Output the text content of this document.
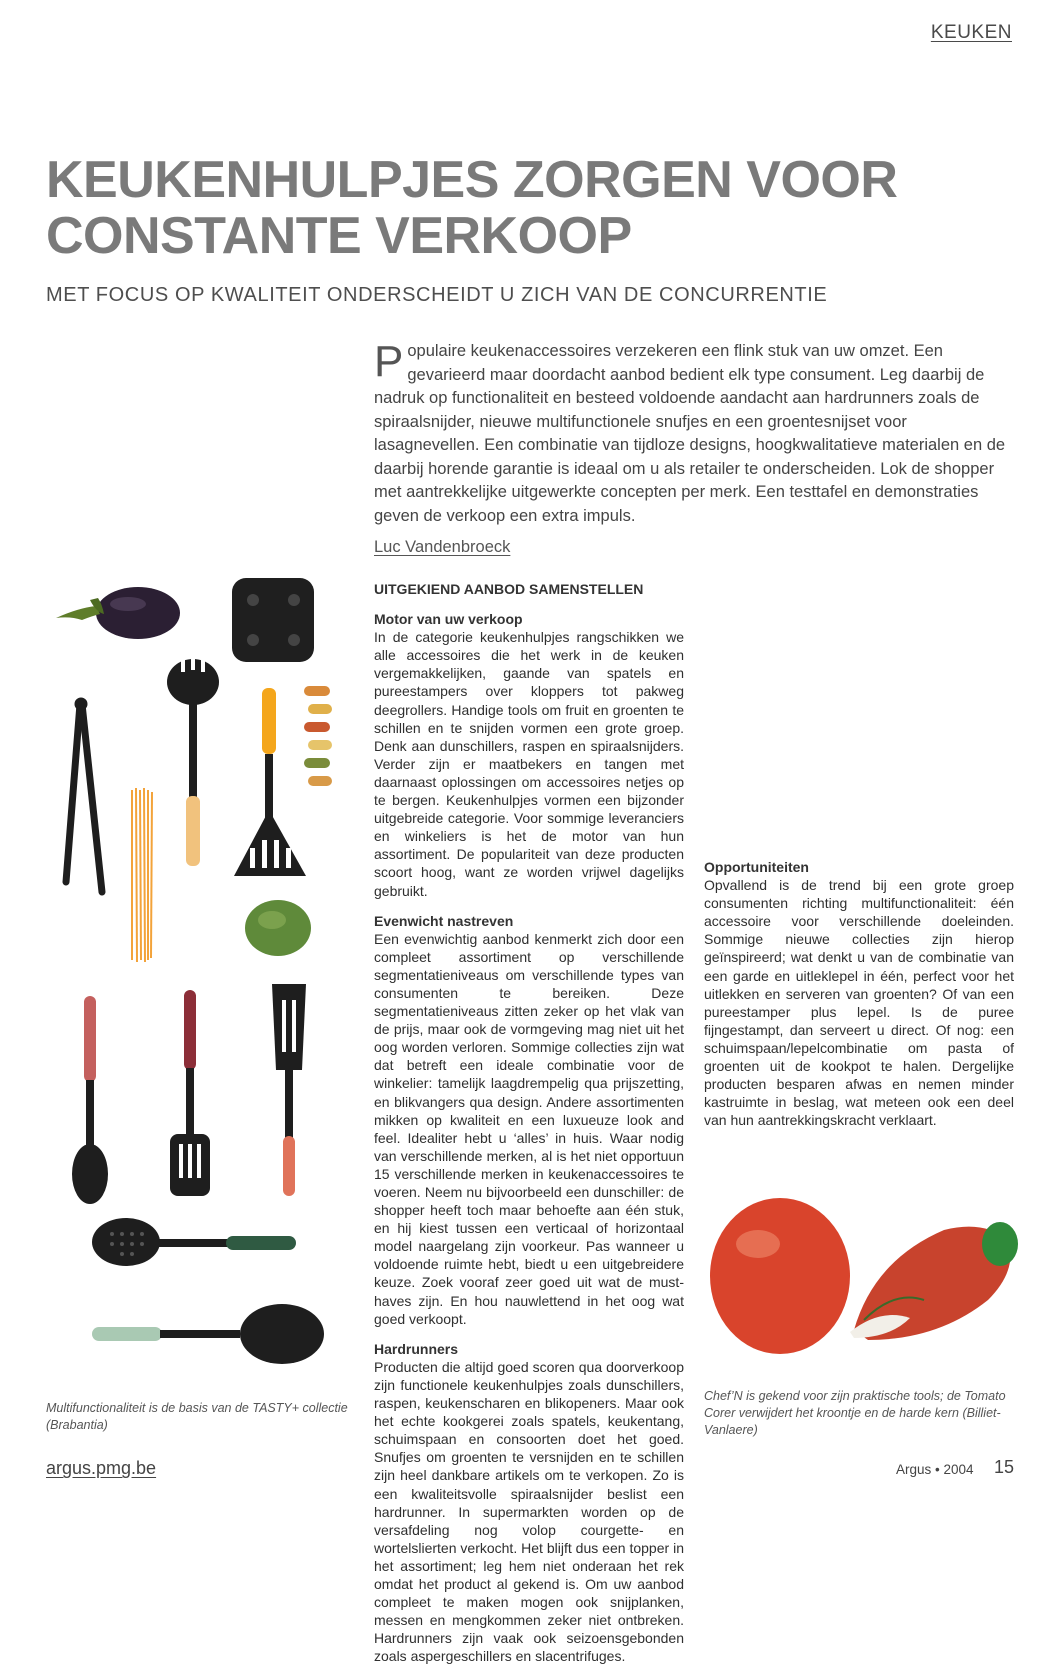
KEUKEN
KEUKENHULPJES ZORGEN VOOR
CONSTANTE VERKOOP
MET FOCUS OP KWALITEIT ONDERSCHEIDT U ZICH VAN DE CONCURRENTIE
Populaire keukenaccessoires verzekeren een flink stuk van uw omzet. Een gevarieerd maar doordacht aanbod bedient elk type consument. Leg daarbij de nadruk op functionaliteit en besteed voldoende aandacht aan hardrunners zoals de spiraalsnijder, nieuwe multifunctionele snufjes en een groentesnijset voor lasagnevellen. Een combinatie van tijdloze designs, hoogkwalitatieve materialen en de daarbij horende garantie is ideaal om u als retailer te onderscheiden. Lok de shopper met aantrekkelijke uitgewerkte concepten per merk. Een testtafel en demonstraties geven de verkoop een extra impuls.
Luc Vandenbroeck
Multifunctionaliteit is de basis van de TASTY+ collectie (Brabantia)
UITGEKIEND AANBOD SAMENSTELLEN
Motor van uw verkoop

In de categorie keukenhulpjes rangschikken we alle accessoires die het werk in de keuken vergemakkelijken, gaande van spatels en pureestampers over kloppers tot pakweg deegrollers. Handige tools om fruit en groenten te schillen en te snijden vormen een grote groep. Denk aan dunschillers, raspen en spiraalsnijders. Verder zijn er maatbekers en tangen met daarnaast oplossingen om accessoires netjes op te bergen. Keukenhulpjes vormen een bijzonder uitgebreide categorie. Voor sommige leveranciers en winkeliers is het de motor van hun assortiment. De populariteit van deze producten scoort hoog, want ze worden vrijwel dagelijks gebruikt.

Evenwicht nastreven

Een evenwichtig aanbod kenmerkt zich door een compleet assortiment op verschillende segmentatieniveaus om verschillende types van consumenten te bereiken. Deze segmentatieniveaus zitten zeker op het vlak van de prijs, maar ook de vormgeving mag niet uit het oog worden verloren. Sommige collecties zijn wat dat betreft een ideale combinatie voor de winkelier: tamelijk laagdrempelig qua prijszetting, en blikvangers qua design. Andere assortimenten mikken op kwaliteit en een luxueuze look and feel. Idealiter hebt u ‘alles’ in huis. Waar nodig van verschillende merken, al is het niet opportuun 15 verschillende merken in keukenaccessoires te voeren. Neem nu bijvoorbeeld een dunschiller: de shopper heeft toch maar behoefte aan één stuk, en hij kiest tussen een verticaal of horizontaal model naargelang zijn voorkeur. Pas wanneer u voldoende ruimte hebt, biedt u een uitgebreidere keuze. Zoek vooraf zeer goed uit wat de must-haves zijn. En hou nauwlettend in het oog wat goed verkoopt.

Hardrunners

Producten die altijd goed scoren qua doorverkoop zijn functionele keukenhulpjes zoals dunschillers, raspen, keukenscharen en blikopeners. Maar ook het echte kookgerei zoals spatels, keukentang, schuimspaan en consoorten doet het goed. Snufjes om groenten te versnijden en te schillen zijn heel dankbare artikels om te verkopen. Zo is een kwaliteitsvolle spiraalsnijder beslist een hardrunner. In supermarkten worden op de versafdeling nog volop courgette- en wortelslierten verkocht. Het blijft dus een topper in het assortiment; leg hem niet onderaan het rek omdat het product al gekend is. Om uw aanbod compleet te maken mogen ook snijplanken, messen en mengkommen zeker niet ontbreken. Hardrunners zijn vaak ook seizoensgebonden zoals aspergeschillers en slacentrifuges.

Opportuniteiten

Opvallend is de trend bij een grote groep consumenten richting multifunctionaliteit: één accessoire voor verschillende doeleinden. Sommige nieuwe collecties zijn hierop geïnspireerd; wat denkt u van de combinatie van een garde en uitleklepel in één, perfect voor het uitlekken en serveren van groenten? Of van een pureestamper plus lepel. Is de puree fijngestampt, dan serveert u direct. Of nog: een schuimspaan/lepelcombinatie om pasta of groenten uit de kookpot te halen. Dergelijke producten besparen afwas en nemen minder kastruimte in beslag, wat meteen ook een deel van hun aantrekkingskracht verklaart.

Chef’N is gekend voor zijn praktische tools; de Tomato Corer verwijdert het kroontje en de harde kern (Billiet-Vanlaere)
argus.pmg.be	Argus • 2004 15
